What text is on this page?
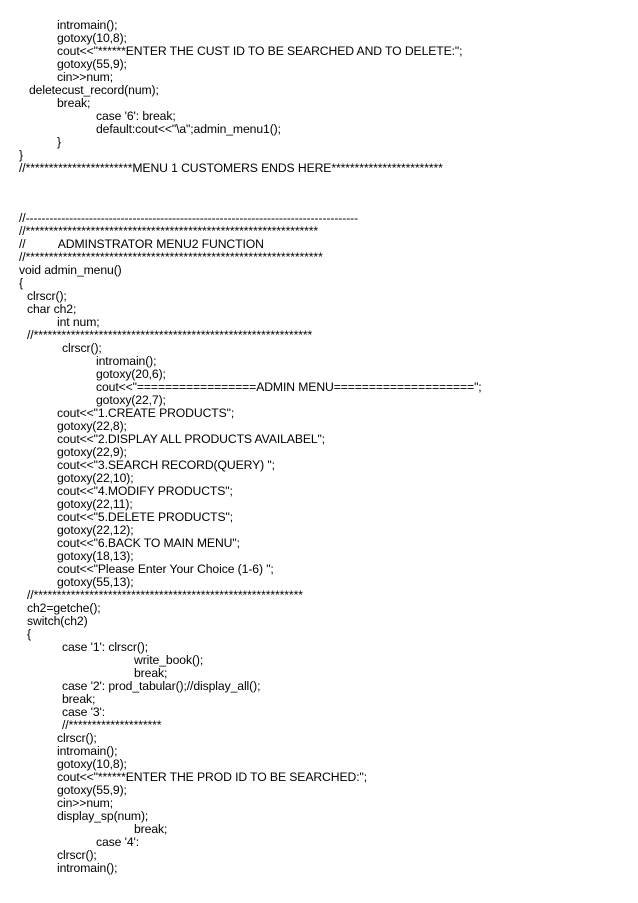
intromain();
gotoxy(10,8);
cout<<"******ENTER THE CUST ID TO BE SEARCHED AND TO DELETE:";
gotoxy(55,9);
cin>>num;
deletecust_record(num);
break;
case '6': break;
default:cout<<"\a";admin_menu1();
}
}
//***********************MENU 1 CUSTOMERS ENDS HERE************************
//------------------------------------------------------------------------------------
//***************************************************************
//          ADMINSTRATOR MENU2 FUNCTION
//****************************************************************
void admin_menu()
{
clrscr();
char ch2;
int num;
//************************************************************
clrscr();
intromain();
gotoxy(20,6);
cout<<"=================ADMIN MENU====================";
gotoxy(22,7);
cout<<"1.CREATE PRODUCTS";
gotoxy(22,8);
cout<<"2.DISPLAY ALL PRODUCTS AVAILABEL";
gotoxy(22,9);
cout<<"3.SEARCH RECORD(QUERY) ";
gotoxy(22,10);
cout<<"4.MODIFY PRODUCTS";
gotoxy(22,11);
cout<<"5.DELETE PRODUCTS";
gotoxy(22,12);
cout<<"6.BACK TO MAIN MENU";
gotoxy(18,13);
cout<<"Please Enter Your Choice (1-6) ";
gotoxy(55,13);
//**********************************************************
ch2=getche();
switch(ch2)
{
case '1': clrscr();
write_book();
break;
case '2': prod_tabular();//display_all();
break;
case '3':
//********************
clrscr();
intromain();
gotoxy(10,8);
cout<<"******ENTER THE PROD ID TO BE SEARCHED:";
gotoxy(55,9);
cin>>num;
display_sp(num);
break;
case '4':
clrscr();
intromain();
